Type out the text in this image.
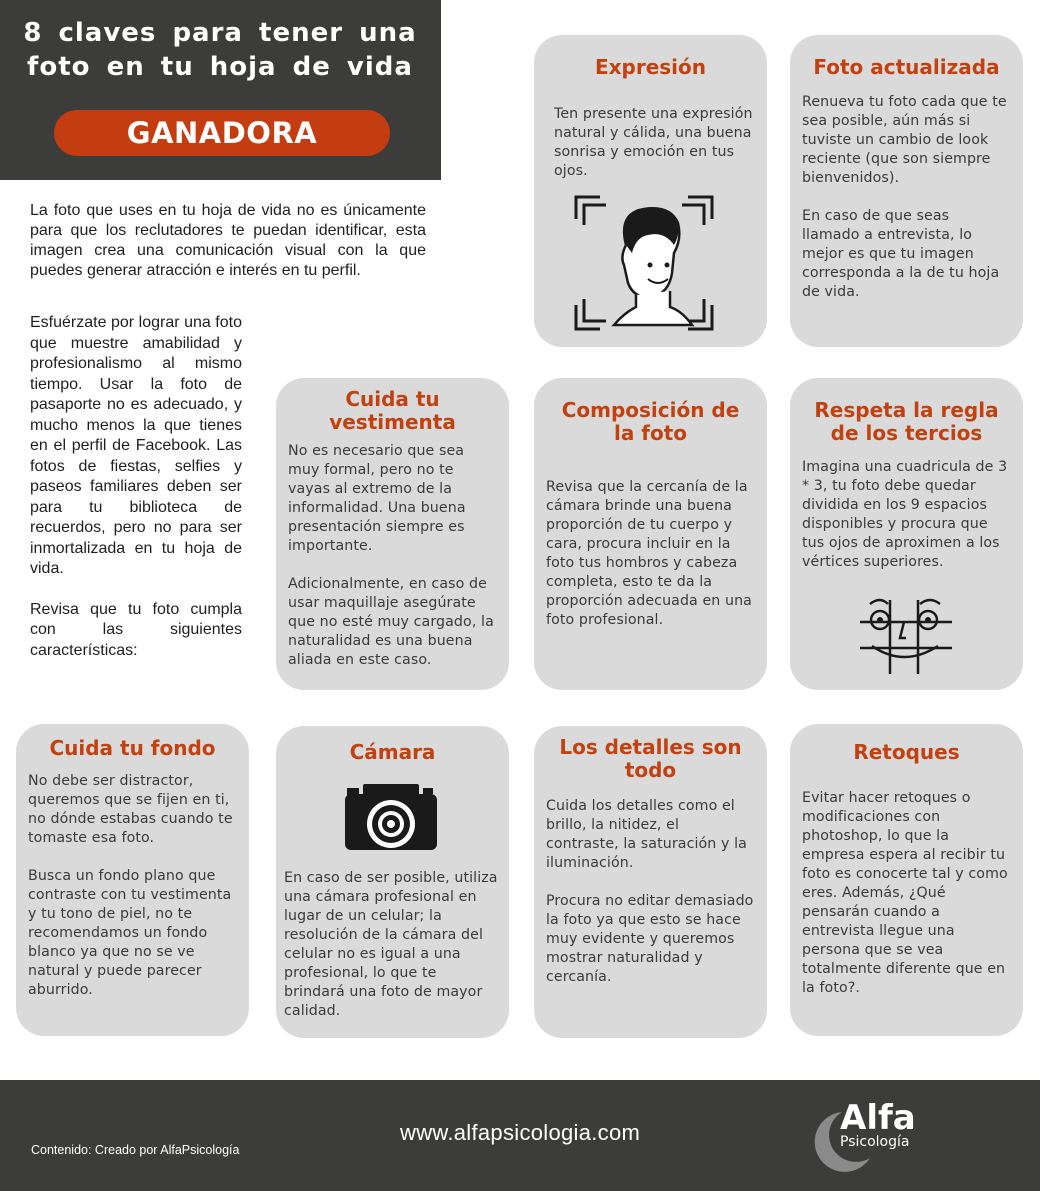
8 claves para tener una foto en tu hoja de vida
GANADORA
La foto que uses en tu hoja de vida no es únicamente para que los reclutadores te puedan identificar, esta imagen crea una comunicación visual con la que puedes generar atracción e interés en tu perfil.

Esfuérzate por lograr una foto que muestre amabilidad y profesionalismo al mismo tiempo. Usar la foto de pasaporte no es adecuado, y mucho menos la que tienes en el perfil de Facebook. Las fotos de fiestas, selfies y paseos familiares deben ser para tu biblioteca de recuerdos, pero no para ser inmortalizada en tu hoja de vida.

Revisa que tu foto cumpla con las siguientes características:

Expresión

Ten presente una expresión natural y cálida, una buena sonrisa y emoción en tus ojos.

Foto actualizada

Renueva tu foto cada que te sea posible, aún más si tuviste un cambio de look reciente (que son siempre bienvenidos).

En caso de que seas llamado a entrevista, lo mejor es que tu imagen corresponda a la de tu hoja de vida.

Cuida tu vestimenta

No es necesario que sea muy formal, pero no te vayas al extremo de la informalidad. Una buena presentación siempre es importante.

Adicionalmente, en caso de usar maquillaje asegúrate que no esté muy cargado, la naturalidad es una buena aliada en este caso.

Composición de la foto

Revisa que la cercanía de la cámara brinde una buena proporción de tu cuerpo y cara, procura incluir en la foto tus hombros y cabeza completa, esto te da la proporción adecuada en una foto profesional.

Respeta la regla de los tercios

Imagina una cuadricula de 3 * 3, tu foto debe quedar dividida en los 9 espacios disponibles y procura que tus ojos de aproximen a los vértices superiores.

Cuida tu fondo

No debe ser distractor, queremos que se fijen en ti, no dónde estabas cuando te tomaste esa foto.

Busca un fondo plano que contraste con tu vestimenta y tu tono de piel, no te recomendamos un fondo blanco ya que no se ve natural y puede parecer aburrido.

Cámara

En caso de ser posible, utiliza una cámara profesional en lugar de un celular; la resolución de la cámara del celular no es igual a una profesional, lo que te brindará una foto de mayor calidad.

Los detalles son todo

Cuida los detalles como el brillo, la nitidez, el contraste, la saturación y la iluminación.

Procura no editar demasiado la foto ya que esto se hace muy evidente y queremos mostrar naturalidad y cercanía.

Retoques

Evitar hacer retoques o modificaciones con photoshop, lo que la empresa espera al recibir tu foto es conocerte tal y como eres. Además, ¿Qué pensarán cuando a entrevista llegue una persona que se vea totalmente diferente que en la foto?.

Contenido: Creado por AlfaPsicología
www.alfapsicologia.com	Alfa
Psicología
